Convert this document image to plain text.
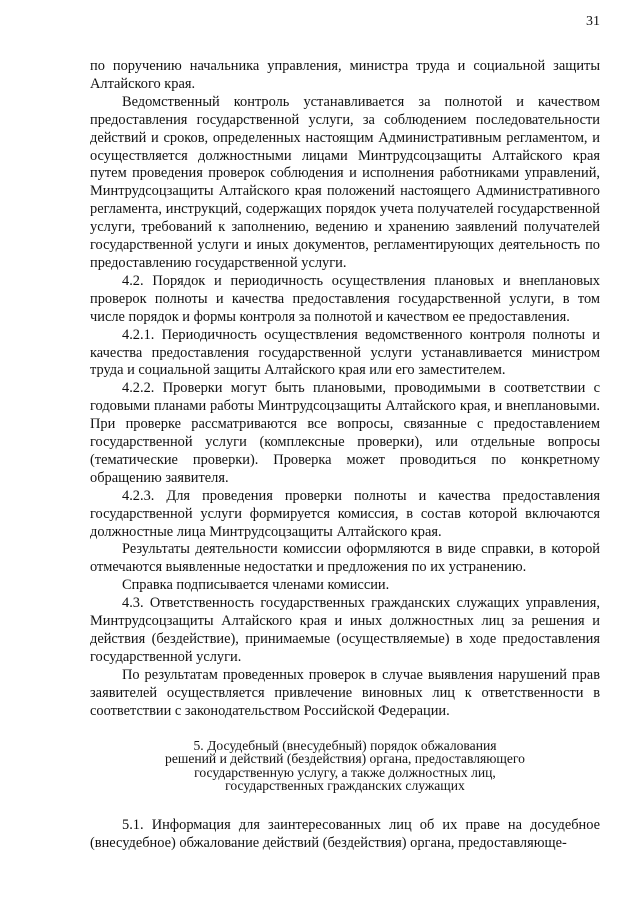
31

по поручению начальника управления, министра труда и социальной защиты Алтайского края.

Ведомственный контроль устанавливается за полнотой и качеством предоставления государственной услуги, за соблюдением последовательности действий и сроков, определенных настоящим Административным регламентом, и осуществляется должностными лицами Минтрудсоцзащиты Алтайского края путем проведения проверок соблюдения и исполнения работниками управлений, Минтрудсоцзащиты Алтайского края положений настоящего Административного регламента, инструкций, содержащих порядок учета получателей государственной услуги, требований к заполнению, ведению и хранению заявлений получателей государственной услуги и иных документов, регламентирующих деятельность по предоставлению государственной услуги.

4.2. Порядок и периодичность осуществления плановых и внеплановых проверок полноты и качества предоставления государственной услуги, в том числе порядок и формы контроля за полнотой и качеством ее предоставления.

4.2.1. Периодичность осуществления ведомственного контроля полноты и качества предоставления государственной услуги устанавливается министром труда и социальной защиты Алтайского края или его заместителем.

4.2.2. Проверки могут быть плановыми, проводимыми в соответствии с годовыми планами работы Минтрудсоцзащиты Алтайского края, и внеплановыми. При проверке рассматриваются все вопросы, связанные с предоставлением государственной услуги (комплексные проверки), или отдельные вопросы (тематические проверки). Проверка может проводиться по конкретному обращению заявителя.

4.2.3. Для проведения проверки полноты и качества предоставления государственной услуги формируется комиссия, в состав которой включаются должностные лица Минтрудсоцзащиты Алтайского края.

Результаты деятельности комиссии оформляются в виде справки, в которой отмечаются выявленные недостатки и предложения по их устранению.

Справка подписывается членами комиссии.

4.3. Ответственность государственных гражданских служащих управления, Минтрудсоцзащиты Алтайского края и иных должностных лиц за решения и действия (бездействие), принимаемые (осуществляемые) в ходе предоставления государственной услуги.

По результатам проведенных проверок в случае выявления нарушений прав заявителей осуществляется привлечение виновных лиц к ответственности в соответствии с законодательством Российской Федерации.

5. Досудебный (внесудебный) порядок обжалования
решений и действий (бездействия) органа, предоставляющего
государственную услугу, а также должностных лиц,
государственных гражданских служащих

5.1. Информация для заинтересованных лиц об их праве на досудебное (внесудебное) обжалование действий (бездействия) органа, предоставляюще-
